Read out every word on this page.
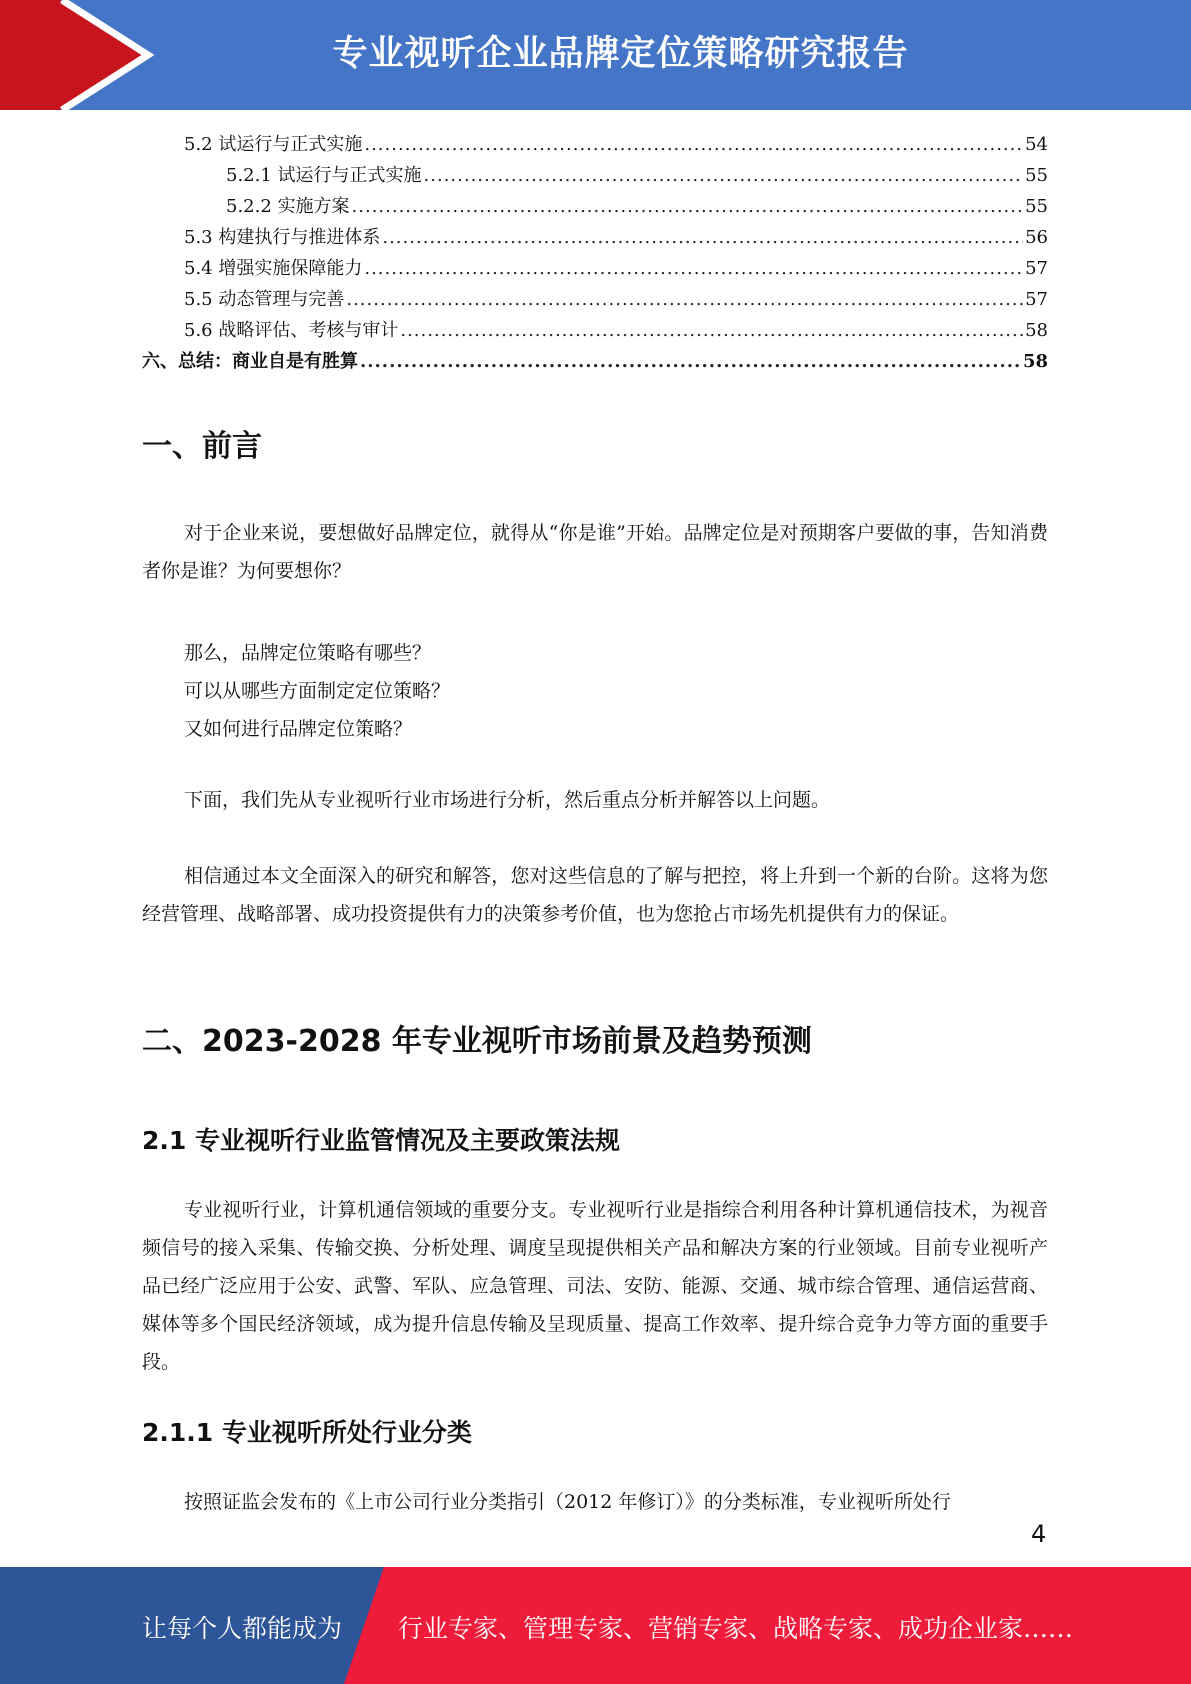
专业视听企业品牌定位策略研究报告
5.2 试运行与正式实施 .....	54
5.2.1 试运行与正式实施 .....	55
5.2.2 实施方案 .....	55
5.3 构建执行与推进体系 .....	56
5.4 增强实施保障能力 .....	57
5.5 动态管理与完善 .....	57
5.6 战略评估、考核与审计 .....	58
六、总结：商业自是有胜算 .....	58
一、前言

对于企业来说，要想做好品牌定位，就得从“你是谁”开始。品牌定位是对预期客户要做的事，告知消费者你是谁？为何要想你？

那么，品牌定位策略有哪些？

可以从哪些方面制定定位策略？

又如何进行品牌定位策略？

下面，我们先从专业视听行业市场进行分析，然后重点分析并解答以上问题。

相信通过本文全面深入的研究和解答，您对这些信息的了解与把控，将上升到一个新的台阶。这将为您经营管理、战略部署、成功投资提供有力的决策参考价值，也为您抢占市场先机提供有力的保证。

二、2023-2028 年专业视听市场前景及趋势预测
2.1 专业视听行业监管情况及主要政策法规

专业视听行业，计算机通信领域的重要分支。专业视听行业是指综合利用各种计算机通信技术，为视音频信号的接入采集、传输交换、分析处理、调度呈现提供相关产品和解决方案的行业领域。目前专业视听产品已经广泛应用于公安、武警、军队、应急管理、司法、安防、能源、交通、城市综合管理、通信运营商、媒体等多个国民经济领域，成为提升信息传输及呈现质量、提高工作效率、提升综合竞争力等方面的重要手段。

2.1.1 专业视听所处行业分类

按照证监会发布的《上市公司行业分类指引（2012 年修订）》的分类标准，专业视听所处行

4
让每个人都能成为 行业专家、管理专家、营销专家、战略专家、成功企业家……
